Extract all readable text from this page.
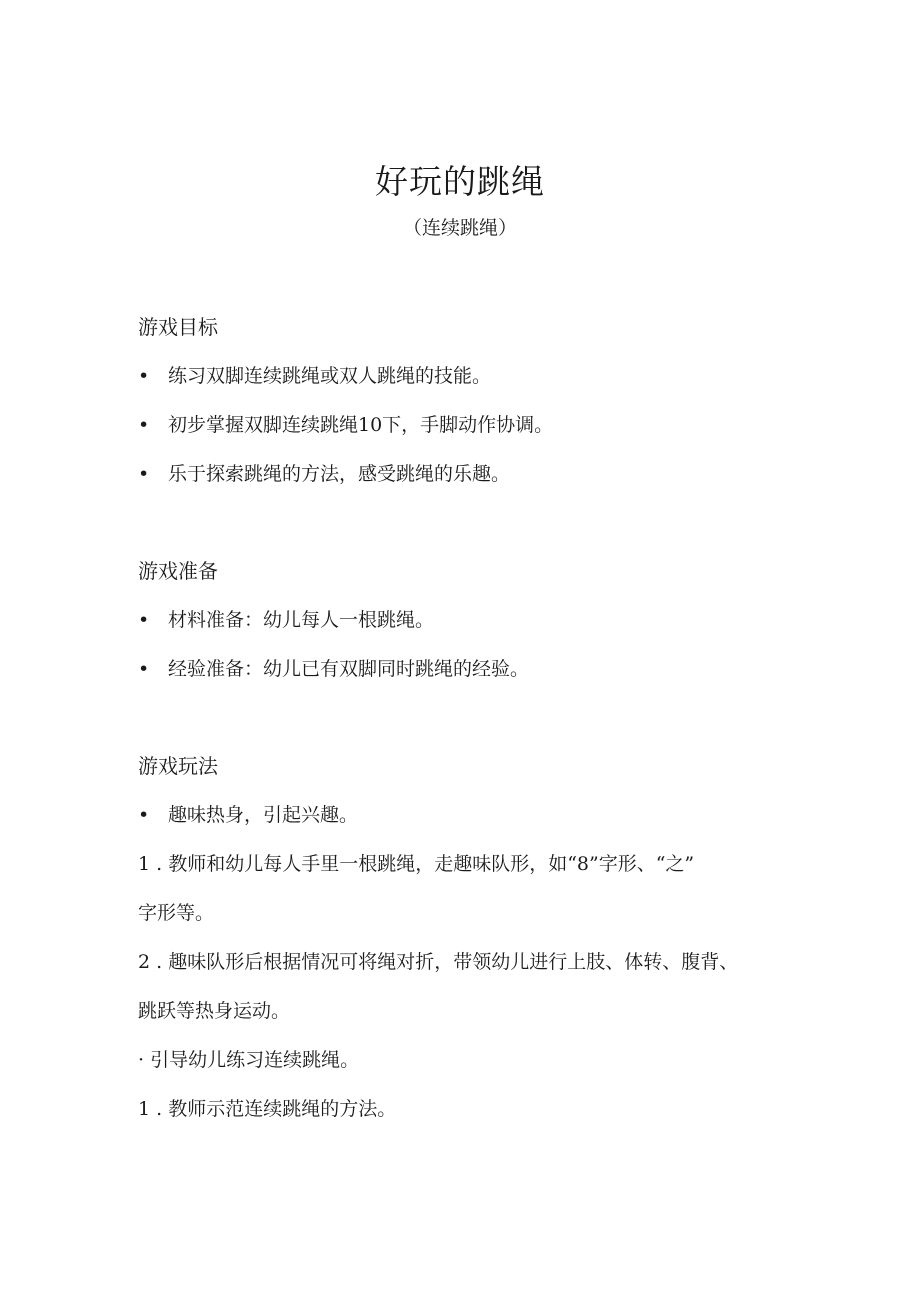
好玩的跳绳
（连续跳绳）
游戏目标
• 练习双脚连续跳绳或双人跳绳的技能。
• 初步掌握双脚连续跳绳10下，手脚动作协调。
• 乐于探索跳绳的方法，感受跳绳的乐趣。
游戏准备
• 材料准备：幼儿每人一根跳绳。
• 经验准备：幼儿已有双脚同时跳绳的经验。
游戏玩法
• 趣味热身，引起兴趣。
1 . 教师和幼儿每人手里一根跳绳，走趣味队形，如“8”字形、“之”
字形等。
2 . 趣味队形后根据情况可将绳对折，带领幼儿进行上肢、体转、腹背、
跳跃等热身运动。
· 引导幼儿练习连续跳绳。
1 . 教师示范连续跳绳的方法。
